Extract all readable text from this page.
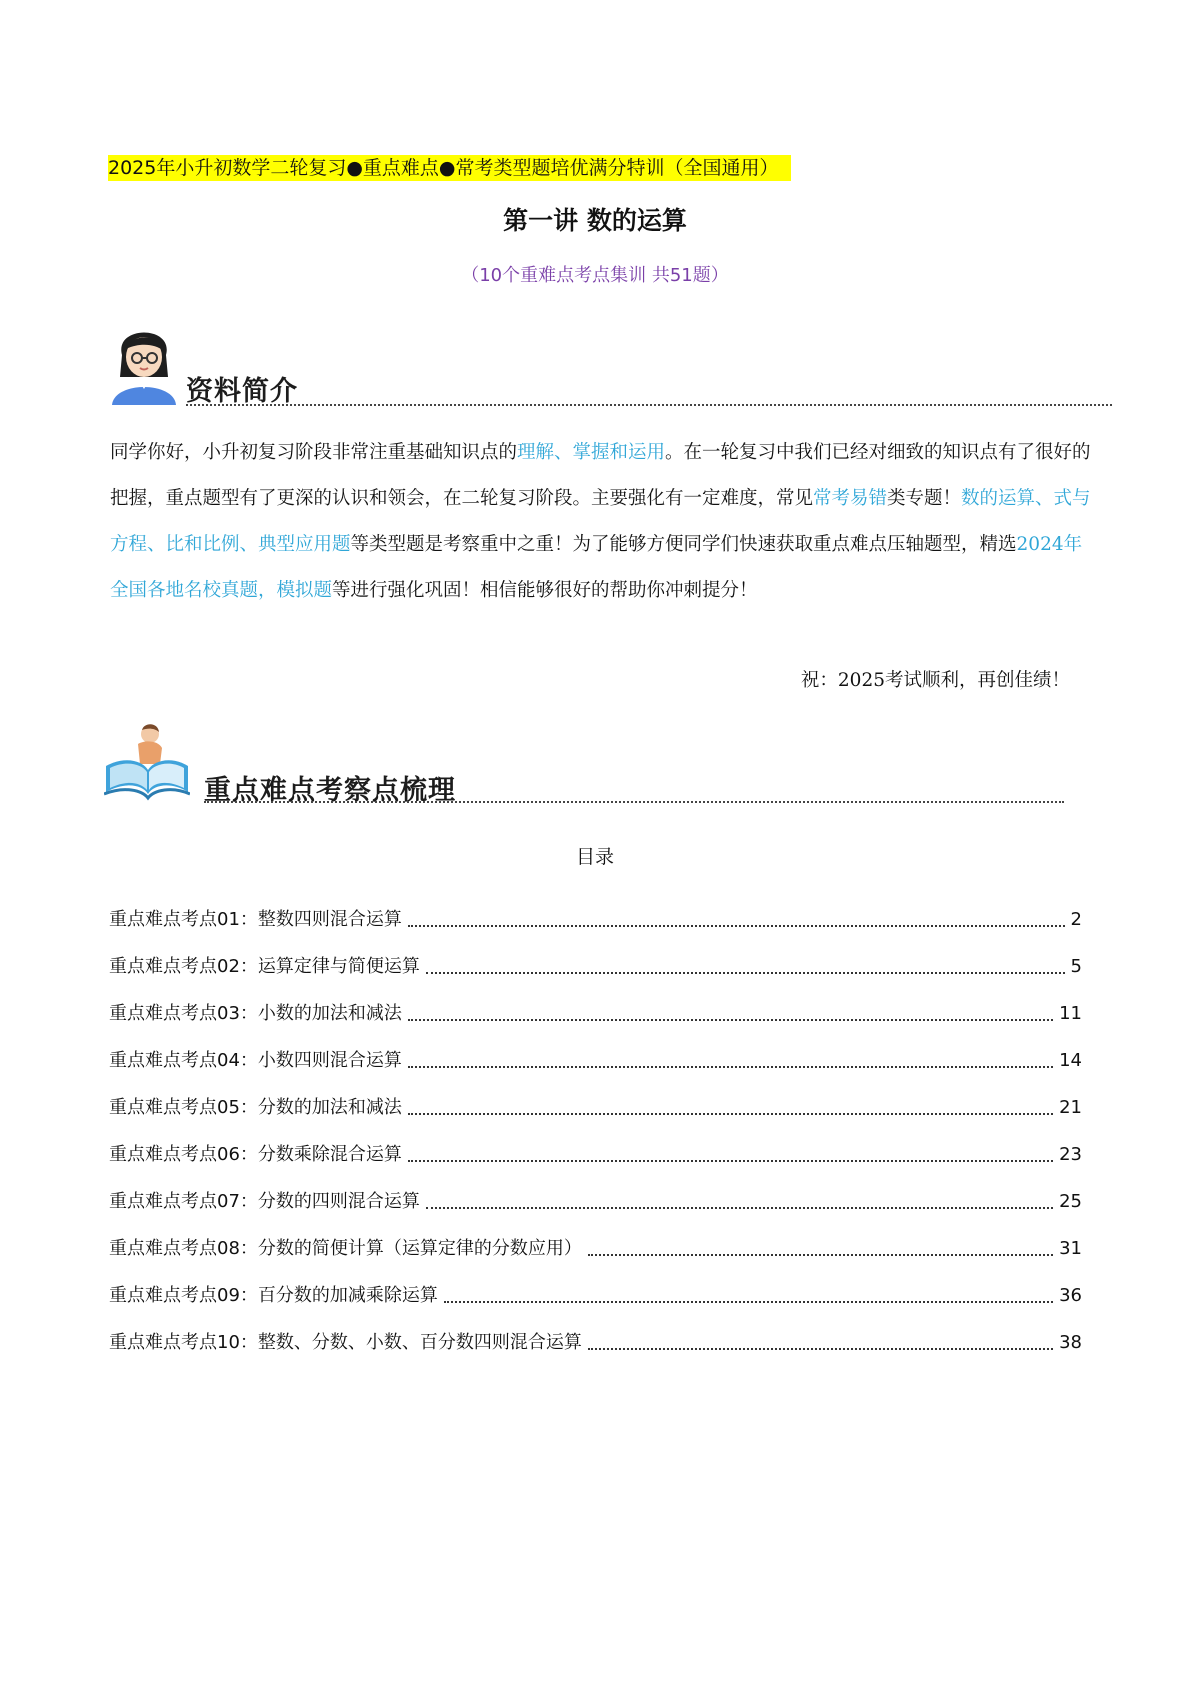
2025年小升初数学二轮复习●重点难点●常考类型题培优满分特训（全国通用）
第一讲 数的运算
（10个重难点考点集训 共51题）
资料简介

同学你好，小升初复习阶段非常注重基础知识点的理解、掌握和运用。在一轮复习中我们已经对细致的知识点有了很好的把握，重点题型有了更深的认识和领会，在二轮复习阶段。主要强化有一定难度，常见常考易错类专题！数的运算、式与方程、比和比例、典型应用题等类型题是考察重中之重！为了能够方便同学们快速获取重点难点压轴题型，精选2024年全国各地名校真题，模拟题等进行强化巩固！相信能够很好的帮助你冲刺提分！

祝：2025考试顺利，再创佳绩！
重点难点考察点梳理
目录
重点难点考点01：整数四则混合运算	2
重点难点考点02：运算定律与简便运算	5
重点难点考点03：小数的加法和减法	11
重点难点考点04：小数四则混合运算	14
重点难点考点05：分数的加法和减法	21
重点难点考点06：分数乘除混合运算	23
重点难点考点07：分数的四则混合运算	25
重点难点考点08：分数的简便计算（运算定律的分数应用）	31
重点难点考点09：百分数的加减乘除运算	36
重点难点考点10：整数、分数、小数、百分数四则混合运算	38
